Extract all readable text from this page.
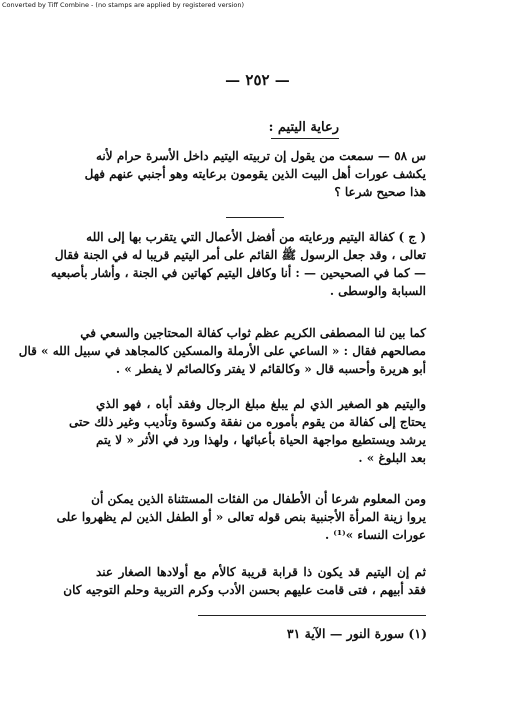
Converted by Tiff Combine - (no stamps are applied by registered version)
— ٢٥٢ —
رعاية اليتيم :
س ٥٨ — سمعت من يقول إن تربيته اليتيم داخل الأسرة حرام لأنه
يكشف عورات أهل البيت الذين يقومون برعايته وهو أجنبي عنهم فهل
هذا صحيح شرعا ؟
( ج ) كفالة اليتيم ورعايته من أفضل الأعمال التي يتقرب بها إلى الله
تعالى ، وقد جعل الرسول ﷺ القائم على أمر اليتيم قريبا له في الجنة فقال
— كما في الصحيحين — : أنا وكافل اليتيم كهاتين في الجنة ، وأشار بأصبعيه
السبابة والوسطى .
كما بين لنا المصطفى الكريم عظم ثواب كفالة المحتاجين والسعي في
مصالحهم فقال : « الساعي على الأرملة والمسكين كالمجاهد في سبيل الله » قال
أبو هريرة وأحسبه قال « وكالقائم لا يفتر وكالصائم لا يفطر » .
واليتيم هو الصغير الذي لم يبلغ مبلغ الرجال وفقد أباه ، فهو الذي
يحتاج إلى كفالة من يقوم بأموره من نفقة وكسوة وتأديب وغير ذلك حتى
يرشد ويستطيع مواجهة الحياة بأعبائها ، ولهذا ورد في الأثر « لا يتم
بعد البلوغ » .
ومن المعلوم شرعا أن الأطفال من الفئات المستثناة الذين يمكن أن
يروا زينة المرأة الأجنبية بنص قوله تعالى « أو الطفل الذين لم يظهروا على
عورات النساء »⁽¹⁾ .
ثم إن اليتيم قد يكون ذا قرابة قريبة كالأم مع أولادها الصغار عند
فقد أبيهم ، فتى قامت عليهم بحسن الأدب وكرم التربية وحلم التوجيه كان
(١) سورة النور — الآية ٣١
